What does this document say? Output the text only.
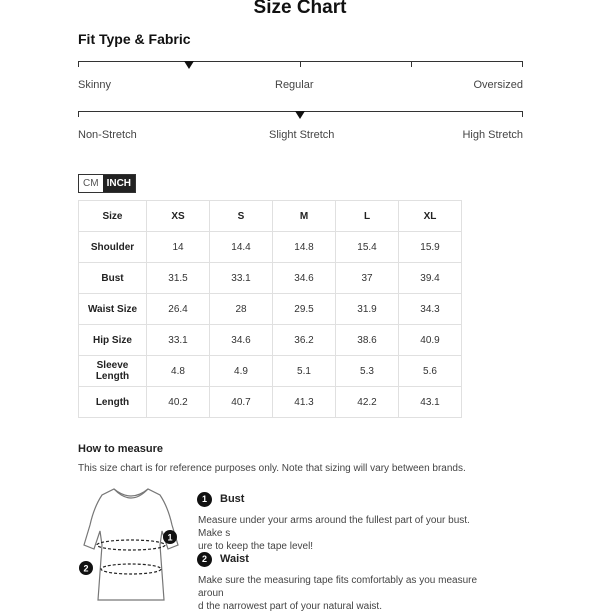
Size Chart
Fit Type & Fabric
Skinny	Regular	Oversized
Non-Stretch	Slight Stretch	High Stretch
CM INCH
Size	XS	S	M	L	XL
Shoulder	14	14.4	14.8	15.4	15.9
Bust	31.5	33.1	34.6	37	39.4
Waist Size	26.4	28	29.5	31.9	34.3
Hip Size	33.1	34.6	36.2	38.6	40.9
Sleeve Length	4.8	4.9	5.1	5.3	5.6
Length	40.2	40.7	41.3	42.2	43.1
How to measure
This size chart is for reference purposes only. Note that sizing will vary between brands.
1
2
1	Bust
Measure under your arms around the fullest part of your bust. Make s
ure to keep the tape level!
2	Waist
Make sure the measuring tape fits comfortably as you measure aroun
d the narrowest part of your natural waist.
